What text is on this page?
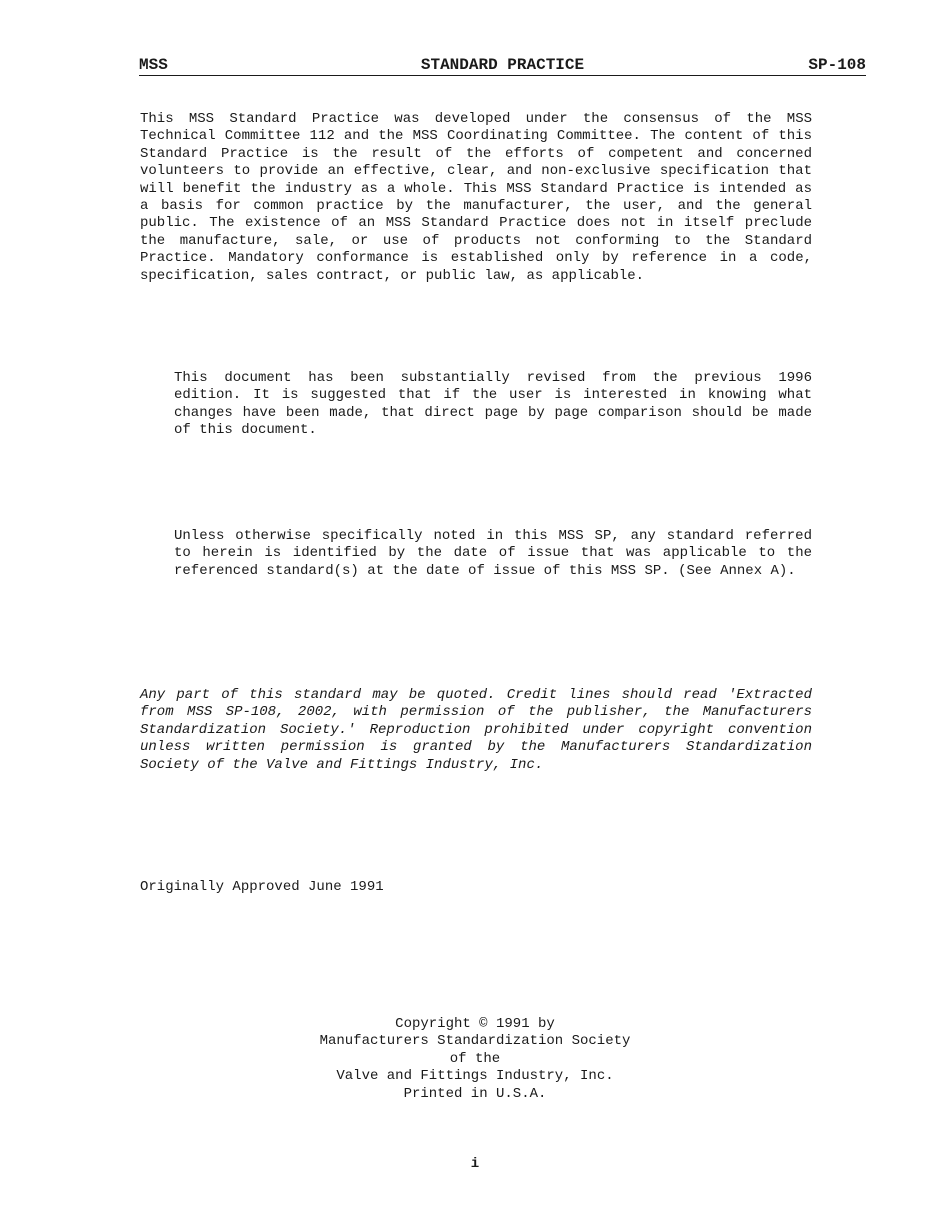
MSS	STANDARD PRACTICE	SP-108
This MSS Standard Practice was developed under the consensus of the MSS Technical Committee 112 and the MSS Coordinating Committee. The content of this Standard Practice is the result of the efforts of competent and concerned volunteers to provide an effective, clear, and non-exclusive specification that will benefit the industry as a whole. This MSS Standard Practice is intended as a basis for common practice by the manufacturer, the user, and the general public. The existence of an MSS Standard Practice does not in itself preclude the manufacture, sale, or use of products not conforming to the Standard Practice. Mandatory conformance is established only by reference in a code, specification, sales contract, or public law, as applicable.
This document has been substantially revised from the previous 1996 edition. It is suggested that if the user is interested in knowing what changes have been made, that direct page by page comparison should be made of this document.
Unless otherwise specifically noted in this MSS SP, any standard referred to herein is identified by the date of issue that was applicable to the referenced standard(s) at the date of issue of this MSS SP. (See Annex A).
Any part of this standard may be quoted. Credit lines should read 'Extracted from MSS SP-108, 2002, with permission of the publisher, the Manufacturers Standardization Society.' Reproduction prohibited under copyright convention unless written permission is granted by the Manufacturers Standardization Society of the Valve and Fittings Industry, Inc.
Originally Approved June 1991
Copyright © 1991 by
Manufacturers Standardization Society
of the
Valve and Fittings Industry, Inc.
Printed in U.S.A.
i
